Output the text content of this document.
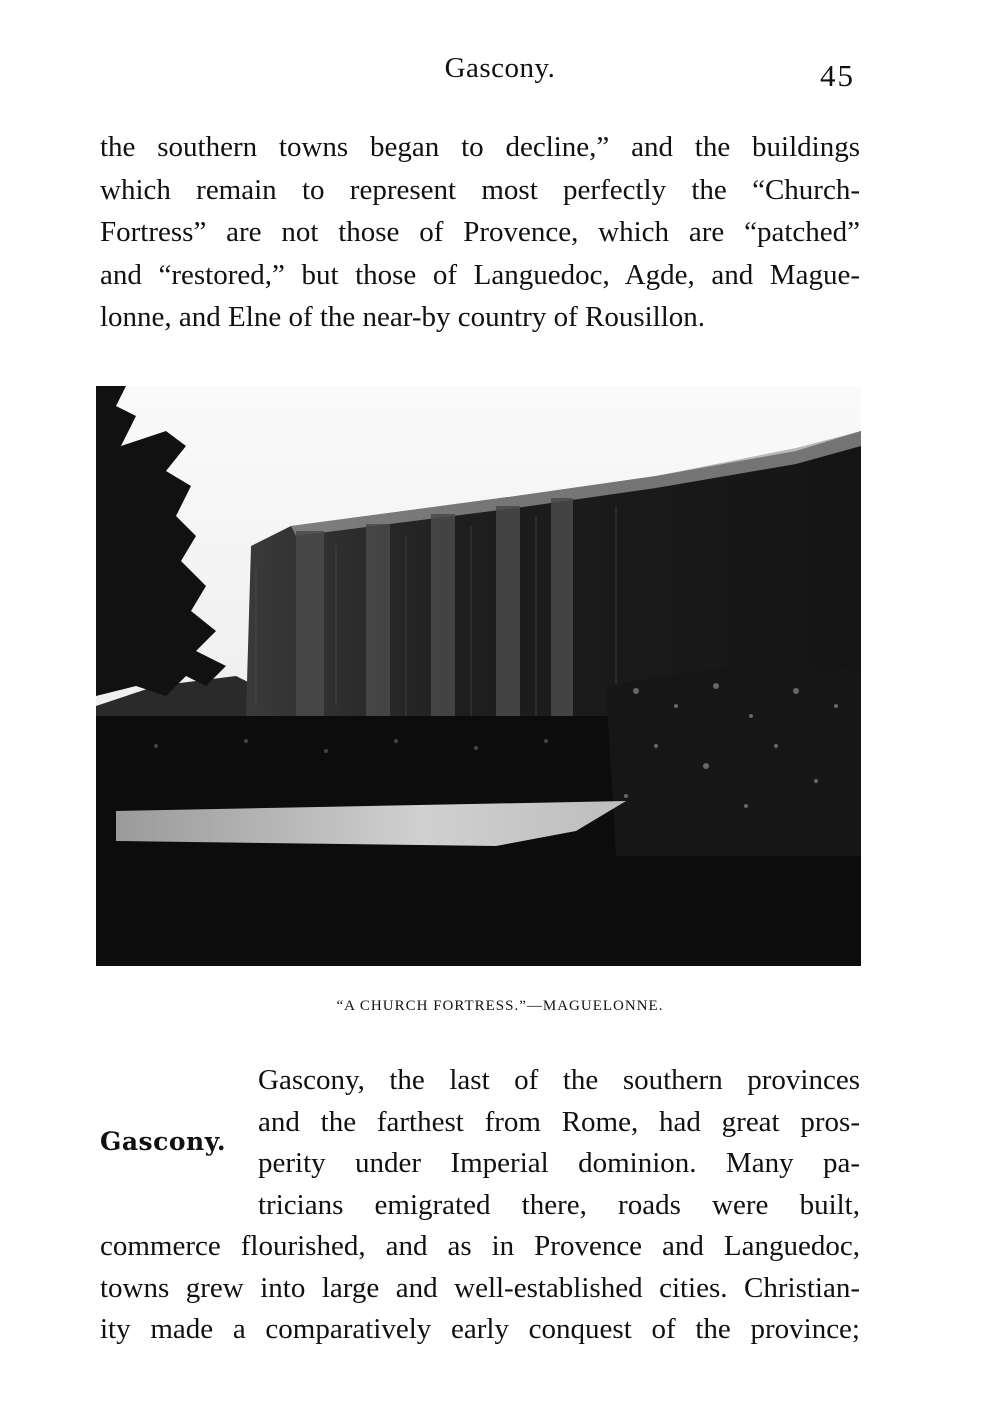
Gascony.	45
the southern towns began to decline,” and the buildings
which remain to represent most perfectly the “Church-
Fortress” are not those of Provence, which are “patched”
and “restored,” but those of Languedoc, Agde, and Mague-
lonne, and Elne of the near-by country of Rousillon.
“A CHURCH FORTRESS.”—MAGUELONNE.
Gascony.
Gascony, the last of the southern provinces
and the farthest from Rome, had great pros-
perity under Imperial dominion. Many pa-
tricians emigrated there, roads were built,
commerce flourished, and as in Provence and Languedoc,
towns grew into large and well-established cities. Christian-
ity made a comparatively early conquest of the province;
